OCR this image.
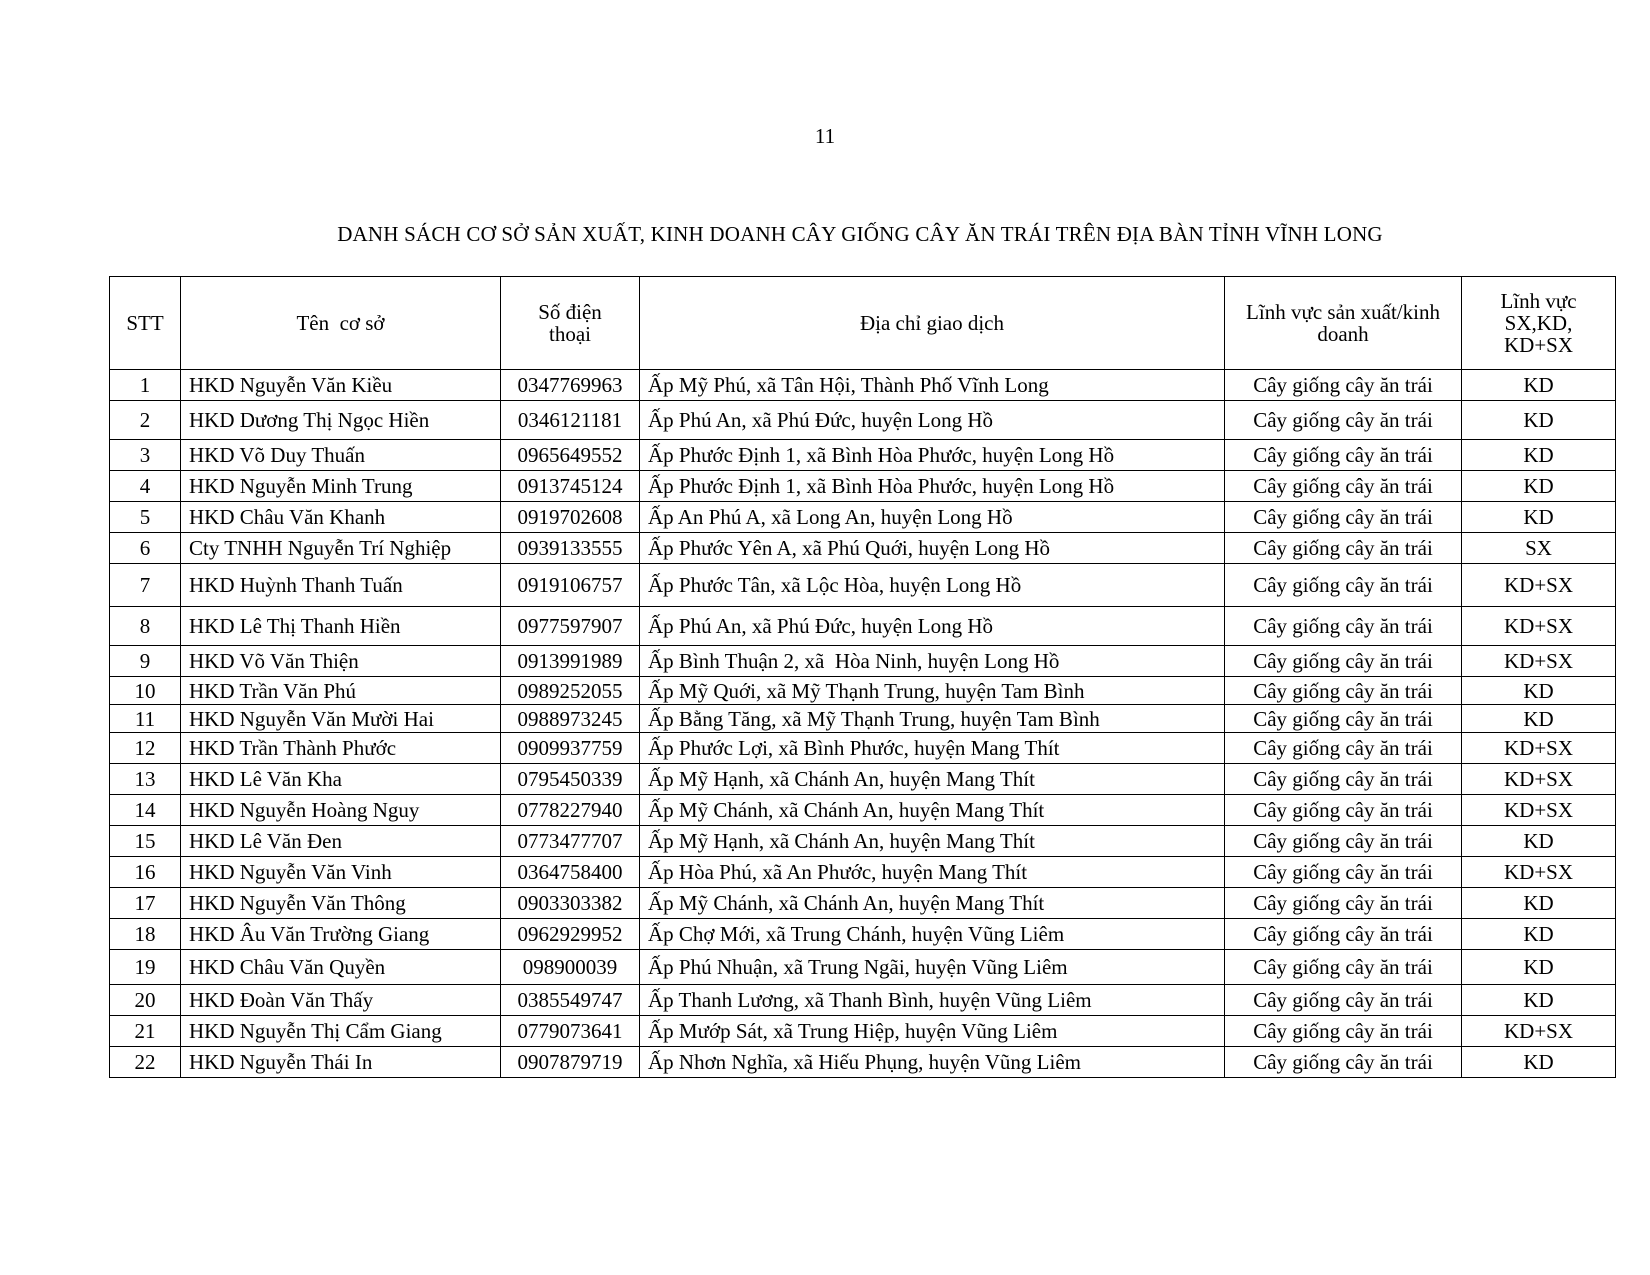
11
DANH SÁCH CƠ SỞ SẢN XUẤT, KINH DOANH CÂY GIỐNG CÂY ĂN TRÁI TRÊN ĐỊA BÀN TỈNH VĨNH LONG
STT	Tên  cơ sở	Số điện thoại	Địa chỉ giao dịch	Lĩnh vực sản xuất/kinh doanh	Lĩnh vực SX,KD, KD+SX
1	HKD Nguyễn Văn Kiều	0347769963	Ấp Mỹ Phú, xã Tân Hội, Thành Phố Vĩnh Long	Cây giống cây ăn trái	KD
2	HKD Dương Thị Ngọc Hiền	0346121181	Ấp Phú An, xã Phú Đức, huyện Long Hồ	Cây giống cây ăn trái	KD
3	HKD Võ Duy Thuấn	0965649552	Ấp Phước Định 1, xã Bình Hòa Phước, huyện Long Hồ	Cây giống cây ăn trái	KD
4	HKD Nguyễn Minh Trung	0913745124	Ấp Phước Định 1, xã Bình Hòa Phước, huyện Long Hồ	Cây giống cây ăn trái	KD
5	HKD Châu Văn Khanh	0919702608	Ấp An Phú A, xã Long An, huyện Long Hồ	Cây giống cây ăn trái	KD
6	Cty TNHH Nguyễn Trí Nghiệp	0939133555	Ấp Phước Yên A, xã Phú Quới, huyện Long Hồ	Cây giống cây ăn trái	SX
7	HKD Huỳnh Thanh Tuấn	0919106757	Ấp Phước Tân, xã Lộc Hòa, huyện Long Hồ	Cây giống cây ăn trái	KD+SX
8	HKD Lê Thị Thanh Hiền	0977597907	Ấp Phú An, xã Phú Đức, huyện Long Hồ	Cây giống cây ăn trái	KD+SX
9	HKD Võ Văn Thiện	0913991989	Ấp Bình Thuận 2, xã  Hòa Ninh, huyện Long Hồ	Cây giống cây ăn trái	KD+SX
10	HKD Trần Văn Phú	0989252055	Ấp Mỹ Quới, xã Mỹ Thạnh Trung, huyện Tam Bình	Cây giống cây ăn trái	KD
11	HKD Nguyễn Văn Mười Hai	0988973245	Ấp Bằng Tăng, xã Mỹ Thạnh Trung, huyện Tam Bình	Cây giống cây ăn trái	KD
12	HKD Trần Thành Phước	0909937759	Ấp Phước Lợi, xã Bình Phước, huyện Mang Thít	Cây giống cây ăn trái	KD+SX
13	HKD Lê Văn Kha	0795450339	Ấp Mỹ Hạnh, xã Chánh An, huyện Mang Thít	Cây giống cây ăn trái	KD+SX
14	HKD Nguyễn Hoàng Nguy	0778227940	Ấp Mỹ Chánh, xã Chánh An, huyện Mang Thít	Cây giống cây ăn trái	KD+SX
15	HKD Lê Văn Đen	0773477707	Ấp Mỹ Hạnh, xã Chánh An, huyện Mang Thít	Cây giống cây ăn trái	KD
16	HKD Nguyễn Văn Vinh	0364758400	Ấp Hòa Phú, xã An Phước, huyện Mang Thít	Cây giống cây ăn trái	KD+SX
17	HKD Nguyễn Văn Thông	0903303382	Ấp Mỹ Chánh, xã Chánh An, huyện Mang Thít	Cây giống cây ăn trái	KD
18	HKD Âu Văn Trường Giang	0962929952	Ấp Chợ Mới, xã Trung Chánh, huyện Vũng Liêm	Cây giống cây ăn trái	KD
19	HKD Châu Văn Quyền	098900039	Ấp Phú Nhuận, xã Trung Ngãi, huyện Vũng Liêm	Cây giống cây ăn trái	KD
20	HKD Đoàn Văn Thấy	0385549747	Ấp Thanh Lương, xã Thanh Bình, huyện Vũng Liêm	Cây giống cây ăn trái	KD
21	HKD Nguyễn Thị Cẩm Giang	0779073641	Ấp Mướp Sát, xã Trung Hiệp, huyện Vũng Liêm	Cây giống cây ăn trái	KD+SX
22	HKD Nguyễn Thái In	0907879719	Ấp Nhơn Nghĩa, xã Hiếu Phụng, huyện Vũng Liêm	Cây giống cây ăn trái	KD
